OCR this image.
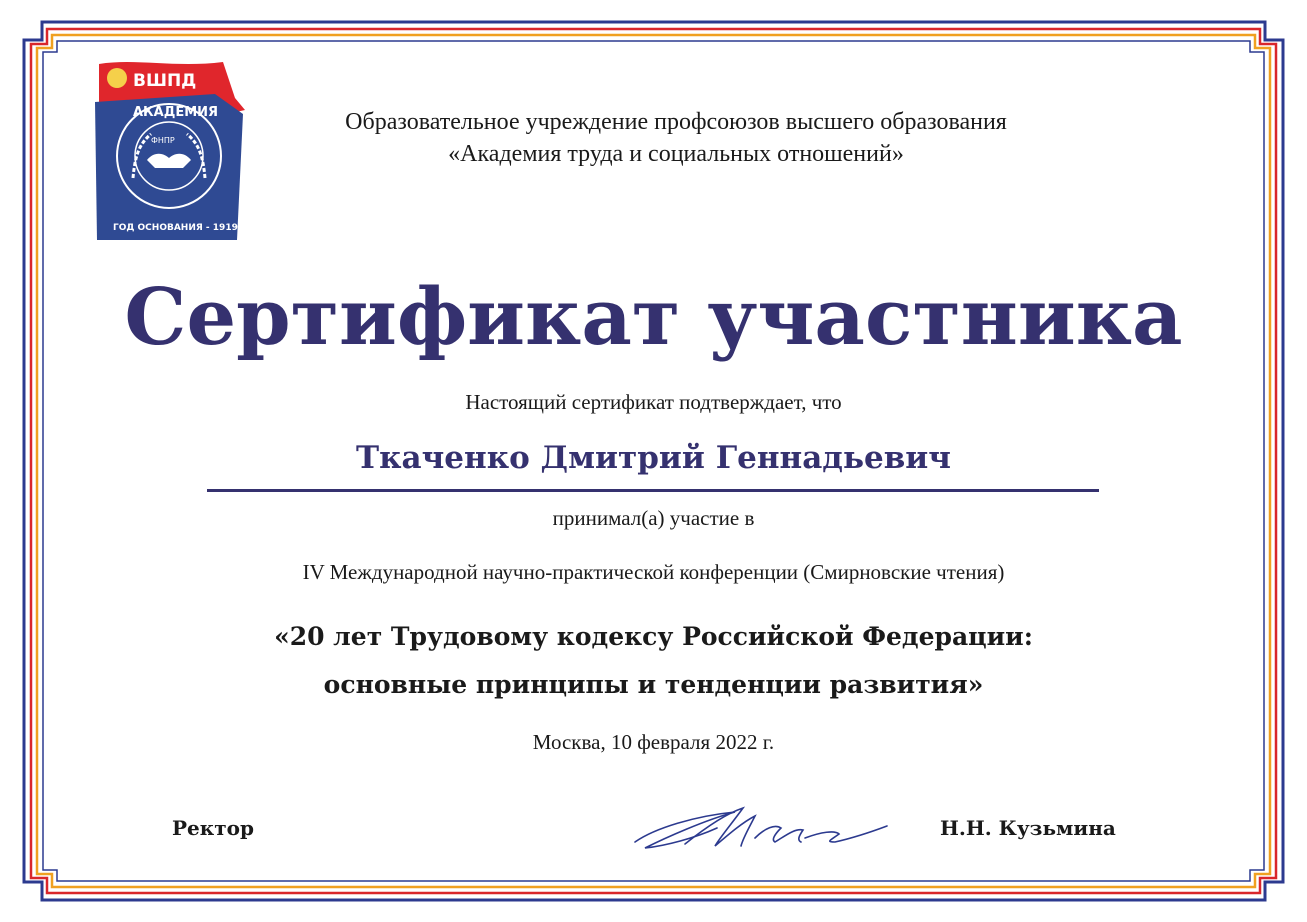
ВШПД
АКАДЕМИЯ
ФНПР
ГОД ОСНОВАНИЯ - 1919
Образовательное учреждение профсоюзов высшего образования
«Академия труда и социальных отношений»
Сертификат участника
Настоящий сертификат подтверждает, что
Ткаченко Дмитрий Геннадьевич
принимал(а) участие в
IV Международной научно-практической конференции (Смирновские чтения)
«20 лет Трудовому кодексу Российской Федерации:
основные принципы и тенденции развития»
Москва, 10 февраля 2022 г.
Ректор	Н.Н. Кузьмина
